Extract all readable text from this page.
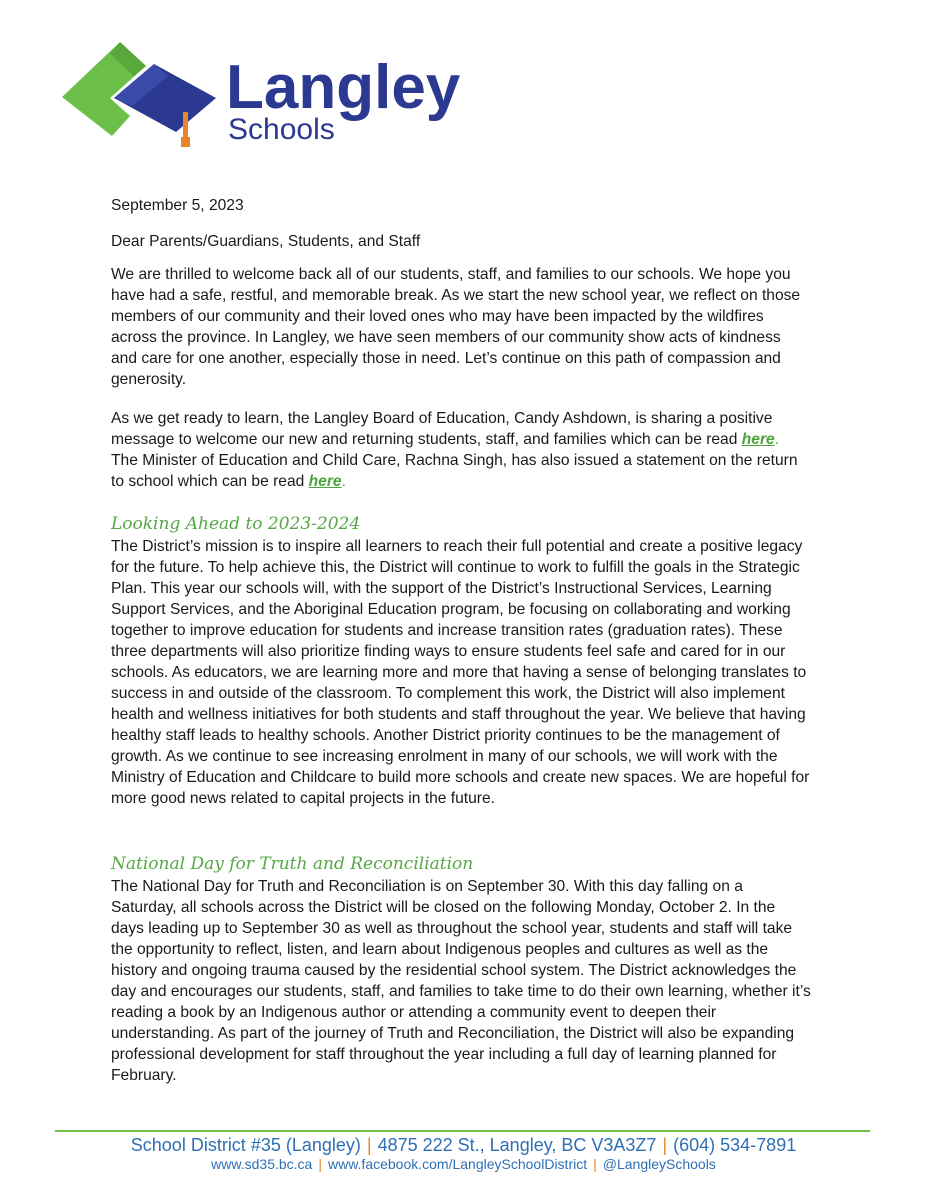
Langley
Schools
September 5, 2023
Dear Parents/Guardians, Students, and Staff

We are thrilled to welcome back all of our students, staff, and families to our schools. We hope you have had a safe, restful, and memorable break. As we start the new school year, we reflect on those members of our community and their loved ones who may have been impacted by the wildfires across the province. In Langley, we have seen members of our community show acts of kindness and care for one another, especially those in need. Let’s continue on this path of compassion and generosity.

As we get ready to learn, the Langley Board of Education, Candy Ashdown, is sharing a positive message to welcome our new and returning students, staff, and families which can be read here.
The Minister of Education and Child Care, Rachna Singh, has also issued a statement on the return to school which can be read here.

Looking Ahead to 2023-2024

The District’s mission is to inspire all learners to reach their full potential and create a positive legacy for the future. To help achieve this, the District will continue to work to fulfill the goals in the Strategic Plan. This year our schools will, with the support of the District’s Instructional Services, Learning Support Services, and the Aboriginal Education program, be focusing on collaborating and working together to improve education for students and increase transition rates (graduation rates). These three departments will also prioritize finding ways to ensure students feel safe and cared for in our schools. As educators, we are learning more and more that having a sense of belonging translates to success in and outside of the classroom. To complement this work, the District will also implement health and wellness initiatives for both students and staff throughout the year. We believe that having healthy staff leads to healthy schools. Another District priority continues to be the management of growth. As we continue to see increasing enrolment in many of our schools, we will work with the Ministry of Education and Childcare to build more schools and create new spaces. We are hopeful for more good news related to capital projects in the future.

National Day for Truth and Reconciliation

The National Day for Truth and Reconciliation is on September 30. With this day falling on a Saturday, all schools across the District will be closed on the following Monday, October 2. In the days leading up to September 30 as well as throughout the school year, students and staff will take the opportunity to reflect, listen, and learn about Indigenous peoples and cultures as well as the history and ongoing trauma caused by the residential school system. The District acknowledges the day and encourages our students, staff, and families to take time to do their own learning, whether it’s reading a book by an Indigenous author or attending a community event to deepen their understanding. As part of the journey of Truth and Reconciliation, the District will also be expanding professional development for staff throughout the year including a full day of learning planned for February.

School District #35 (Langley) | 4875 222 St., Langley, BC V3A3Z7 | (604) 534-7891
www.sd35.bc.ca | www.facebook.com/LangleySchoolDistrict | @LangleySchools
